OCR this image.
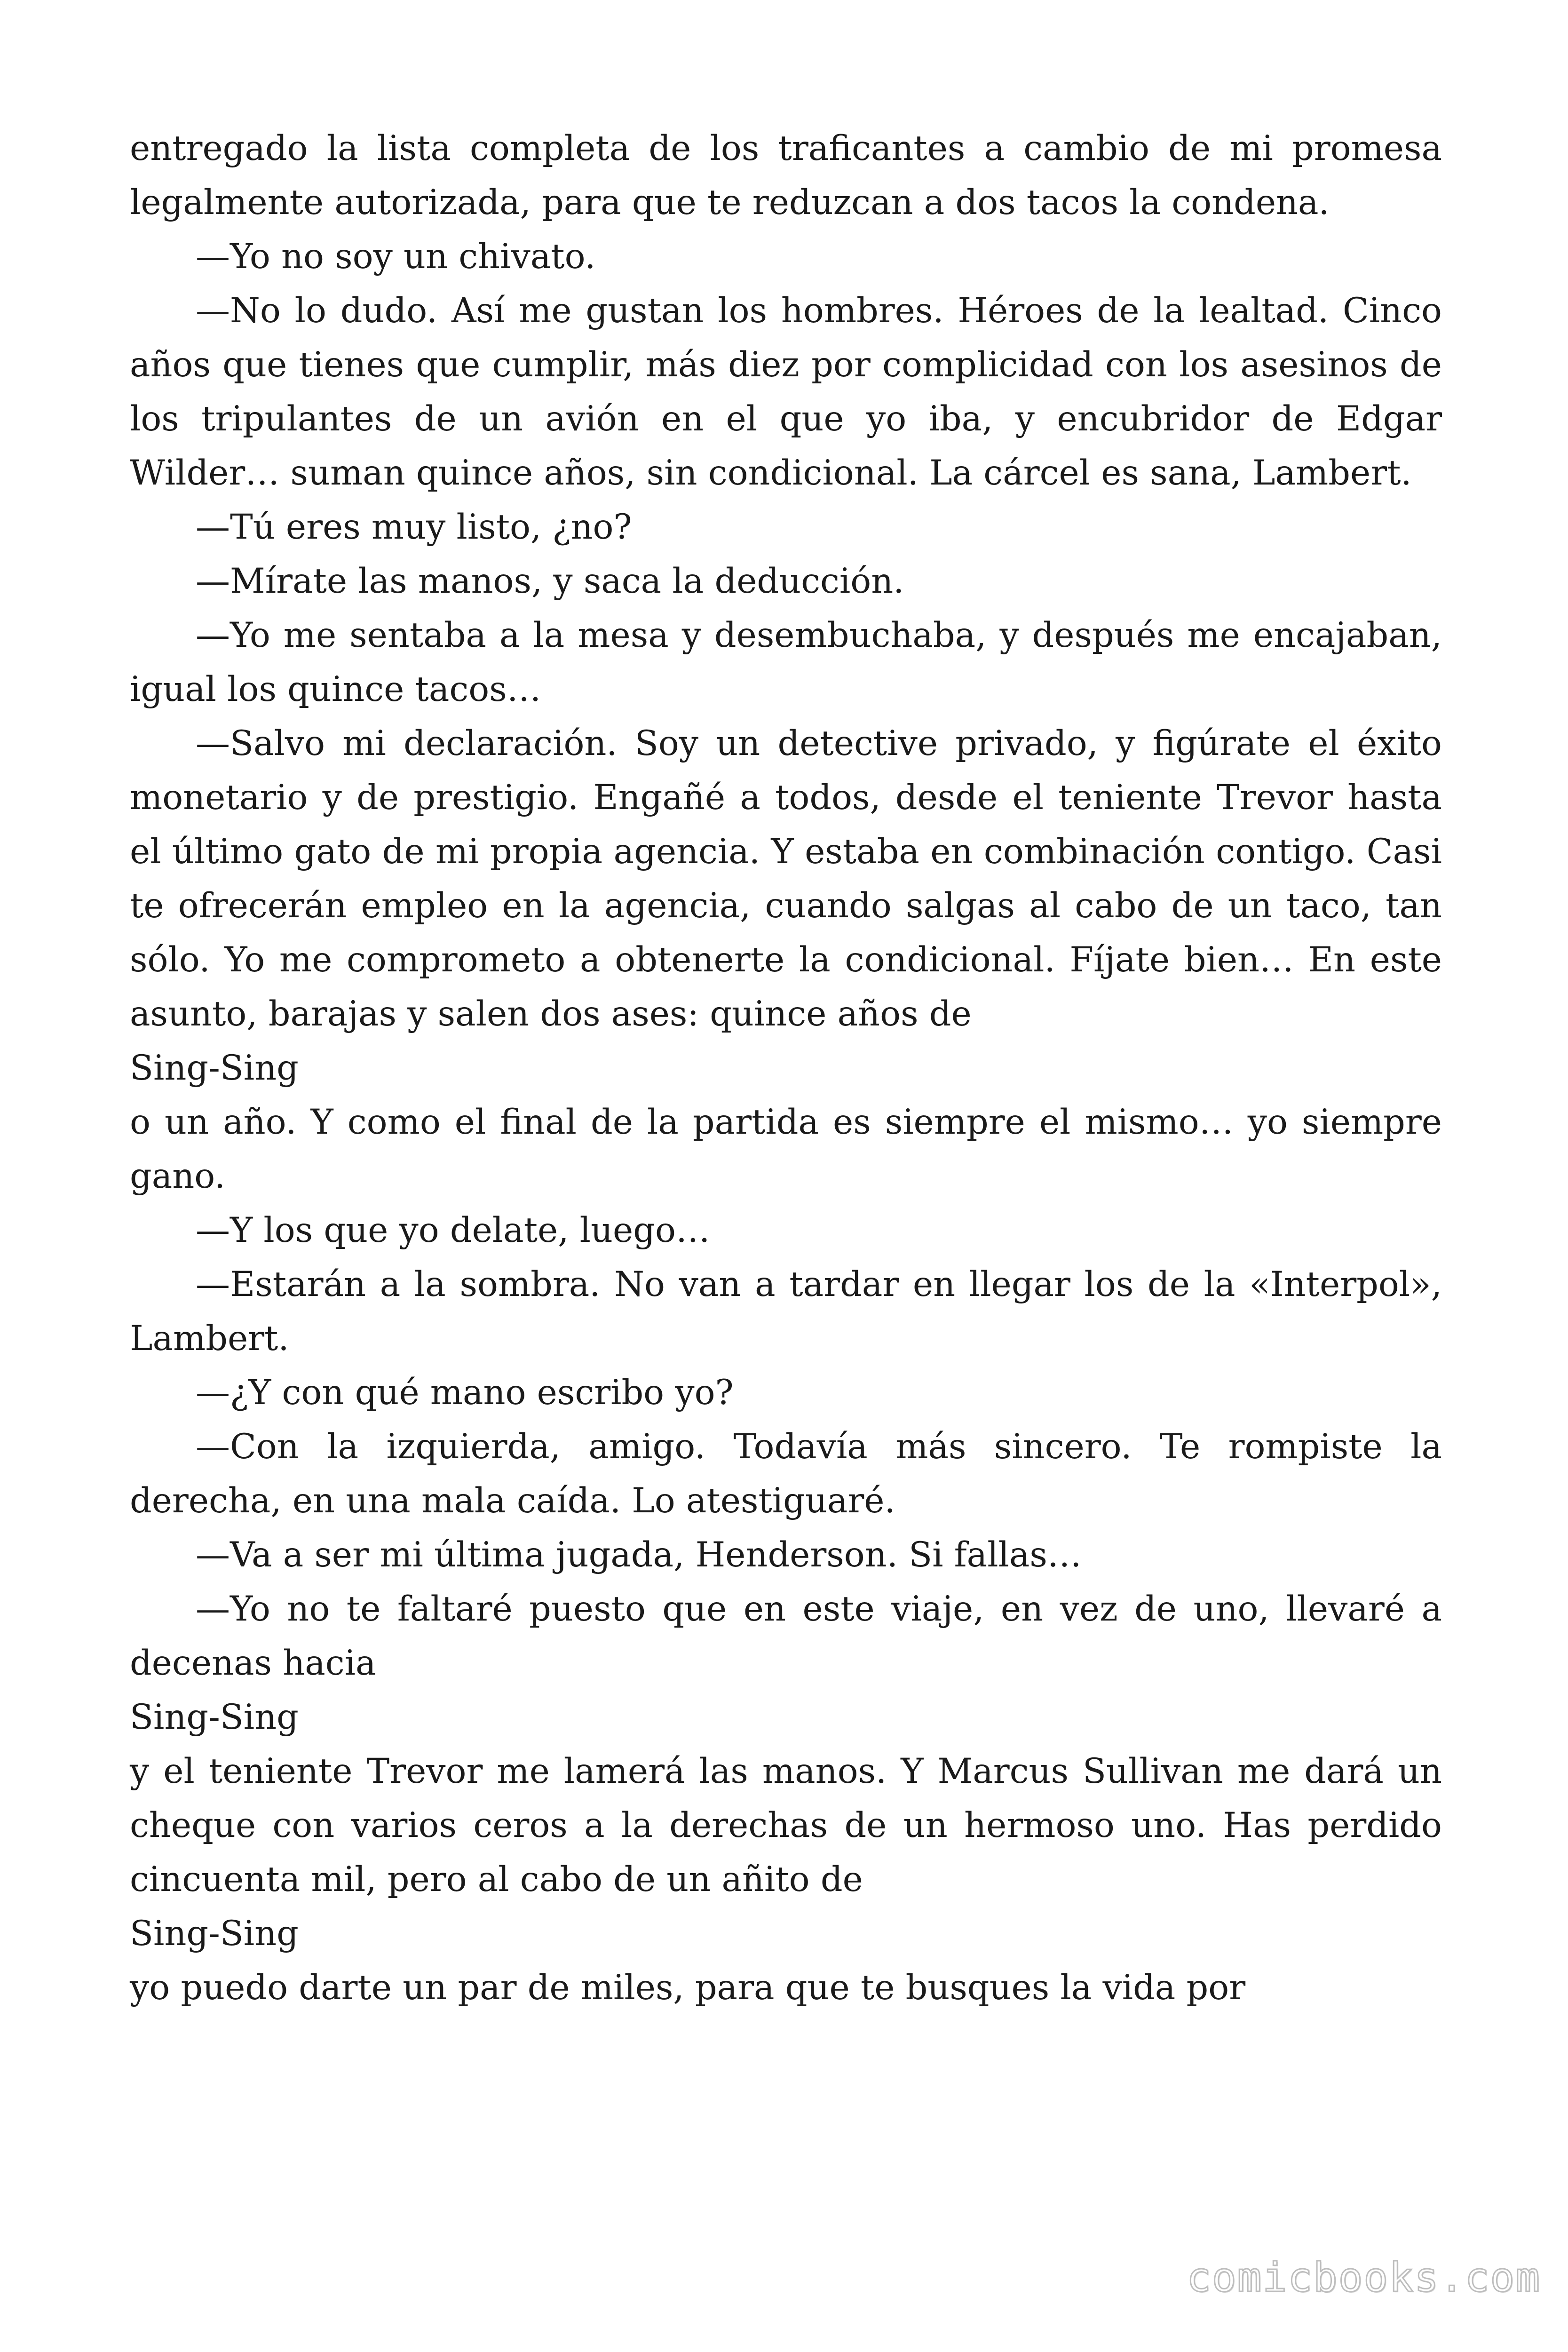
entregado la lista completa de los traficantes a cambio de mi promesa legalmente autorizada, para que te reduzcan a dos tacos la condena.

—Yo no soy un chivato.

—No lo dudo. Así me gustan los hombres. Héroes de la lealtad. Cinco años que tienes que cumplir, más diez por complicidad con los asesinos de los tripulantes de un avión en el que yo iba, y encubridor de Edgar Wilder… suman quince años, sin condicional. La cárcel es sana, Lambert.

—Tú eres muy listo, ¿no?

—Mírate las manos, y saca la deducción.

—Yo me sentaba a la mesa y desembuchaba, y después me encajaban, igual los quince tacos…

—Salvo mi declaración. Soy un detective privado, y figúrate el éxito monetario y de prestigio. Engañé a todos, desde el teniente Trevor hasta el último gato de mi propia agencia. Y estaba en combinación contigo. Casi te ofrecerán empleo en la agencia, cuando salgas al cabo de un taco, tan sólo. Yo me comprometo a obtenerte la condicional. Fíjate bien… En este asunto, barajas y salen dos ases: quince años de

Sing-Sing

o un año. Y como el final de la partida es siempre el mismo… yo siempre gano.

—Y los que yo delate, luego…

—Estarán a la sombra. No van a tardar en llegar los de la «Interpol», Lambert.

—¿Y con qué mano escribo yo?

—Con la izquierda, amigo. Todavía más sincero. Te rompiste la derecha, en una mala caída. Lo atestiguaré.

—Va a ser mi última jugada, Henderson. Si fallas…

—Yo no te faltaré puesto que en este viaje, en vez de uno, llevaré a decenas hacia

Sing-Sing

y el teniente Trevor me lamerá las manos. Y Marcus Sullivan me dará un cheque con varios ceros a la derechas de un hermoso uno. Has perdido cincuenta mil, pero al cabo de un añito de

Sing-Sing

yo puedo darte un par de miles, para que te busques la vida por

comicbooks.com
